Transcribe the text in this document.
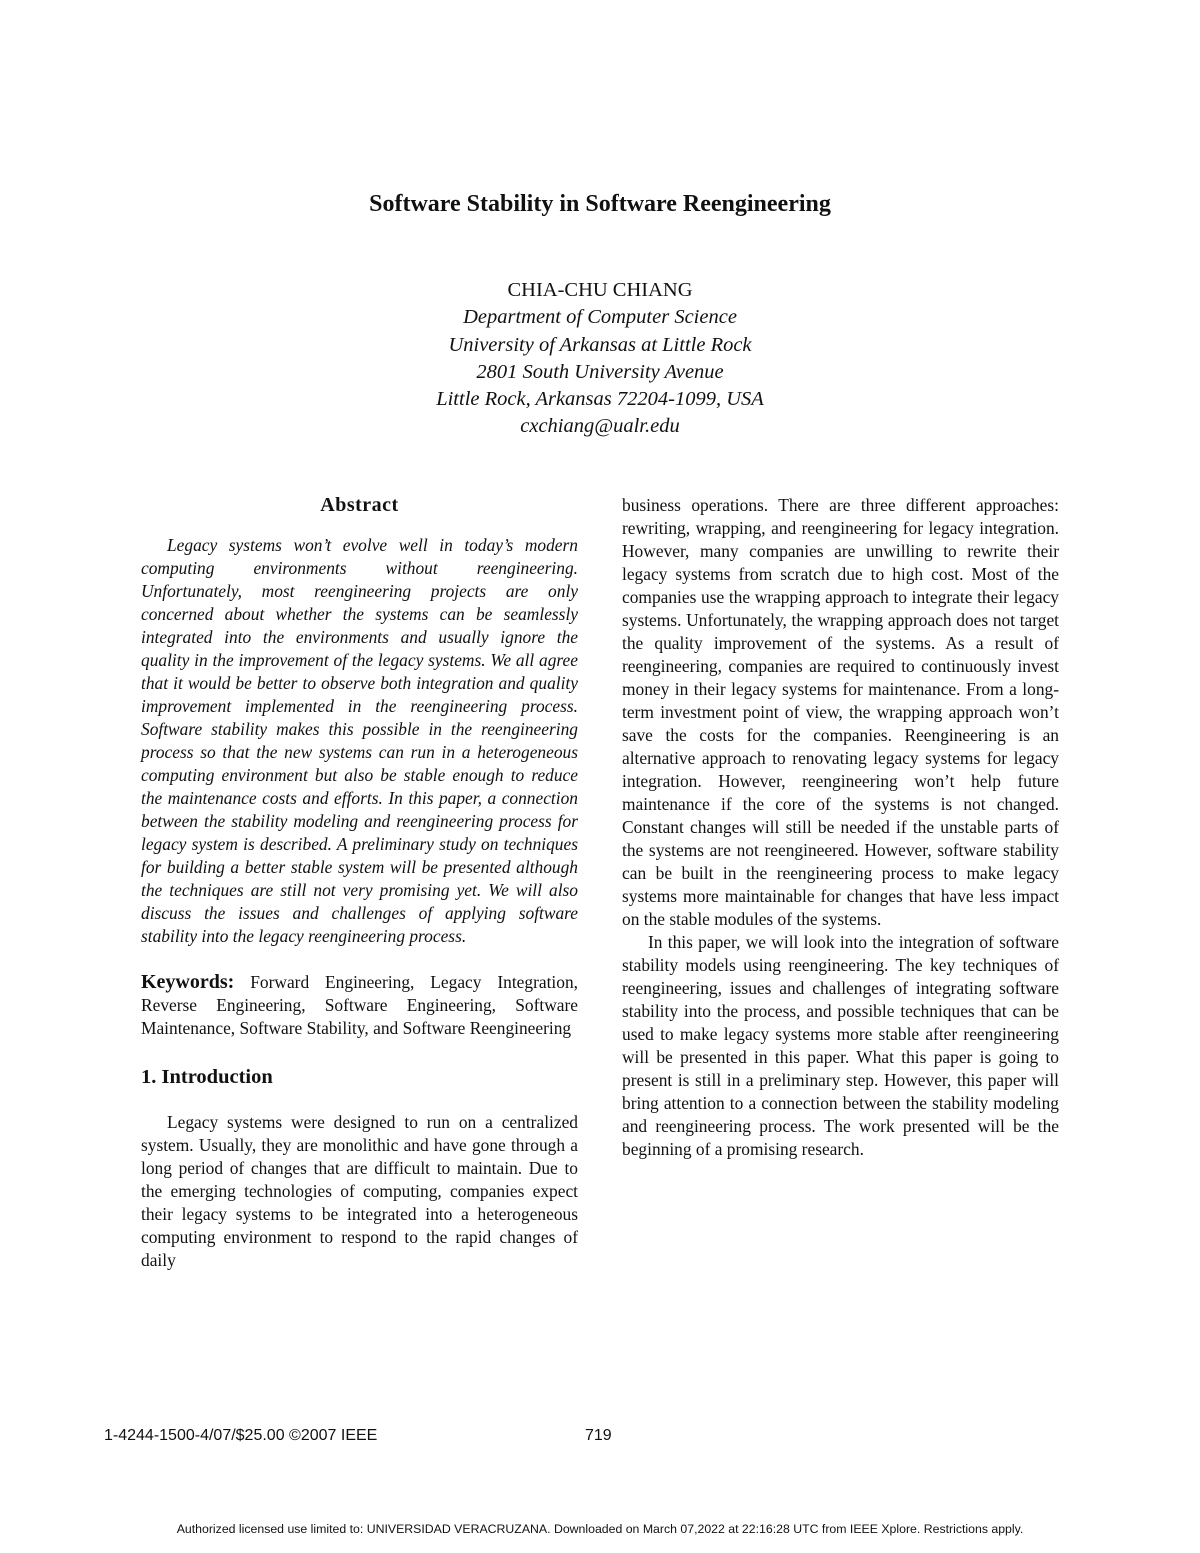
Software Stability in Software Reengineering
CHIA-CHU CHIANG
Department of Computer Science
University of Arkansas at Little Rock
2801 South University Avenue
Little Rock, Arkansas 72204-1099, USA
cxchiang@ualr.edu
Abstract

Legacy systems won’t evolve well in today’s modern computing environments without reengineering. Unfortunately, most reengineering projects are only concerned about whether the systems can be seamlessly integrated into the environments and usually ignore the quality in the improvement of the legacy systems. We all agree that it would be better to observe both integration and quality improvement implemented in the reengineering process. Software stability makes this possible in the reengineering process so that the new systems can run in a heterogeneous computing environment but also be stable enough to reduce the maintenance costs and efforts. In this paper, a connection between the stability modeling and reengineering process for legacy system is described. A preliminary study on techniques for building a better stable system will be presented although the techniques are still not very promising yet. We will also discuss the issues and challenges of applying software stability into the legacy reengineering process.

Keywords: Forward Engineering, Legacy Integration, Reverse Engineering, Software Engineering, Software Maintenance, Software Stability, and Software Reengineering

1. Introduction

Legacy systems were designed to run on a centralized system. Usually, they are monolithic and have gone through a long period of changes that are difficult to maintain. Due to the emerging technologies of computing, companies expect their legacy systems to be integrated into a heterogeneous computing environment to respond to the rapid changes of daily

business operations. There are three different approaches: rewriting, wrapping, and reengineering for legacy integration. However, many companies are unwilling to rewrite their legacy systems from scratch due to high cost. Most of the companies use the wrapping approach to integrate their legacy systems. Unfortunately, the wrapping approach does not target the quality improvement of the systems. As a result of reengineering, companies are required to continuously invest money in their legacy systems for maintenance. From a long-term investment point of view, the wrapping approach won’t save the costs for the companies. Reengineering is an alternative approach to renovating legacy systems for legacy integration. However, reengineering won’t help future maintenance if the core of the systems is not changed. Constant changes will still be needed if the unstable parts of the systems are not reengineered. However, software stability can be built in the reengineering process to make legacy systems more maintainable for changes that have less impact on the stable modules of the systems.

In this paper, we will look into the integration of software stability models using reengineering. The key techniques of reengineering, issues and challenges of integrating software stability into the process, and possible techniques that can be used to make legacy systems more stable after reengineering will be presented in this paper. What this paper is going to present is still in a preliminary step. However, this paper will bring attention to a connection between the stability modeling and reengineering process. The work presented will be the beginning of a promising research.

1-4244-1500-4/07/$25.00 ©2007 IEEE	719
Authorized licensed use limited to: UNIVERSIDAD VERACRUZANA. Downloaded on March 07,2022 at 22:16:28 UTC from IEEE Xplore. Restrictions apply.
